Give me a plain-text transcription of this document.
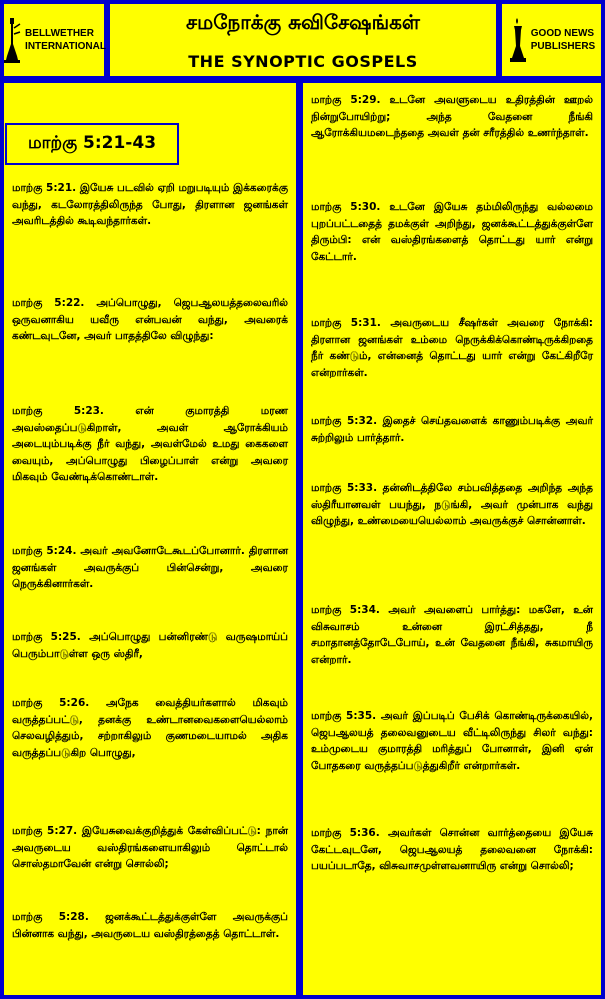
BELLWETHER
INTERNATIONAL
சமநோக்கு சுவிசேஷங்கள்
THE SYNOPTIC GOSPELS
GOOD NEWS
PUBLISHERS
மாற்கு 5:21-43

மாற்கு 5:21. இயேசு படவில் ஏறி மறுபடியும் இக்கரைக்கு வந்து, கடலோரத்திலிருந்த போது, திரளான ஜனங்கள் அவரிடத்தில் கூடிவந்தார்கள்.

மாற்கு 5:22. அப்பொழுது, ஜெபஆலயத்தலைவரில் ஒருவனாகிய யவீரு என்பவன் வந்து, அவரைக் கண்டவுடனே, அவர் பாதத்திலே விழுந்து:

மாற்கு 5:23. என் குமாரத்தி மரண அவஸ்தைப்படுகிறாள், அவள் ஆரோக்கியம் அடையும்படிக்கு நீர் வந்து, அவள்மேல் உமது கைகளை வையும், அப்பொழுது பிழைப்பாள் என்று அவரை மிகவும் வேண்டிக்கொண்டாள்.

மாற்கு 5:24. அவர் அவனோடேகூடப்போனார். திரளான ஜனங்கள் அவருக்குப் பின்சென்று, அவரை நெருக்கினார்கள்.

மாற்கு 5:25. அப்பொழுது பன்னிரண்டு வருஷமாய்ப் பெரும்பாடுள்ள ஒரு ஸ்திரீ,

மாற்கு 5:26. அநேக வைத்தியர்களால் மிகவும் வருத்தப்பட்டு, தனக்கு உண்டானவைகளையெல்லாம் செலவழித்தும், சற்றாகிலும் குணமடையாமல் அதிக வருத்தப்படுகிற பொழுது,

மாற்கு 5:27. இயேசுவைக்குறித்துக் கேள்விப்பட்டு: நான் அவருடைய வஸ்திரங்களையாகிலும் தொட்டால் சொஸ்தமாவேன் என்று சொல்லி;

மாற்கு 5:28. ஜனக்கூட்டத்துக்குள்ளே அவருக்குப் பின்னாக வந்து, அவருடைய வஸ்திரத்தைத் தொட்டாள்.

மாற்கு 5:29. உடனே அவளுடைய உதிரத்தின் ஊறல் நின்றுபோயிற்று; அந்த வேதனை நீங்கி ஆரோக்கியமடைந்ததை அவள் தன் சரீரத்தில் உணர்ந்தாள்.

மாற்கு 5:30. உடனே இயேசு தம்மிலிருந்து வல்லமை புறப்பட்டதைத் தமக்குள் அறிந்து, ஜனக்கூட்டத்துக்குள்ளே திரும்பி: என் வஸ்திரங்களைத் தொட்டது யார் என்று கேட்டார்.

மாற்கு 5:31. அவருடைய சீஷர்கள் அவரை நோக்கி: திரளான ஜனங்கள் உம்மை நெருக்கிக்கொண்டிருக்கிறதை நீர் கண்டும், என்னைத் தொட்டது யார் என்று கேட்கிறீரே என்றார்கள்.

மாற்கு 5:32. இதைச் செய்தவளைக் காணும்படிக்கு அவர் சுற்றிலும் பார்த்தார்.

மாற்கு 5:33. தன்னிடத்திலே சம்பவித்ததை அறிந்த அந்த ஸ்திரீயானவள் பயந்து, நடுங்கி, அவர் முன்பாக வந்து விழுந்து, உண்மையையெல்லாம் அவருக்குச் சொன்னாள்.

மாற்கு 5:34. அவர் அவளைப் பார்த்து: மகளே, உன் விசுவாசம் உன்னை இரட்சித்தது, நீ சமாதானத்தோடேபோய், உன் வேதனை நீங்கி, சுகமாயிரு என்றார்.

மாற்கு 5:35. அவர் இப்படிப் பேசிக் கொண்டிருக்கையில், ஜெபஆலயத் தலைவனுடைய வீட்டிலிருந்து சிலர் வந்து: உம்முடைய குமாரத்தி மரித்துப் போனாள், இனி ஏன் போதகரை வருத்தப்படுத்துகிறீர் என்றார்கள்.

மாற்கு 5:36. அவர்கள் சொன்ன வார்த்தையை இயேசு கேட்டவுடனே, ஜெபஆலயத் தலைவனை நோக்கி: பயப்படாதே, விசுவாசமுள்ளவனாயிரு என்று சொல்லி;
